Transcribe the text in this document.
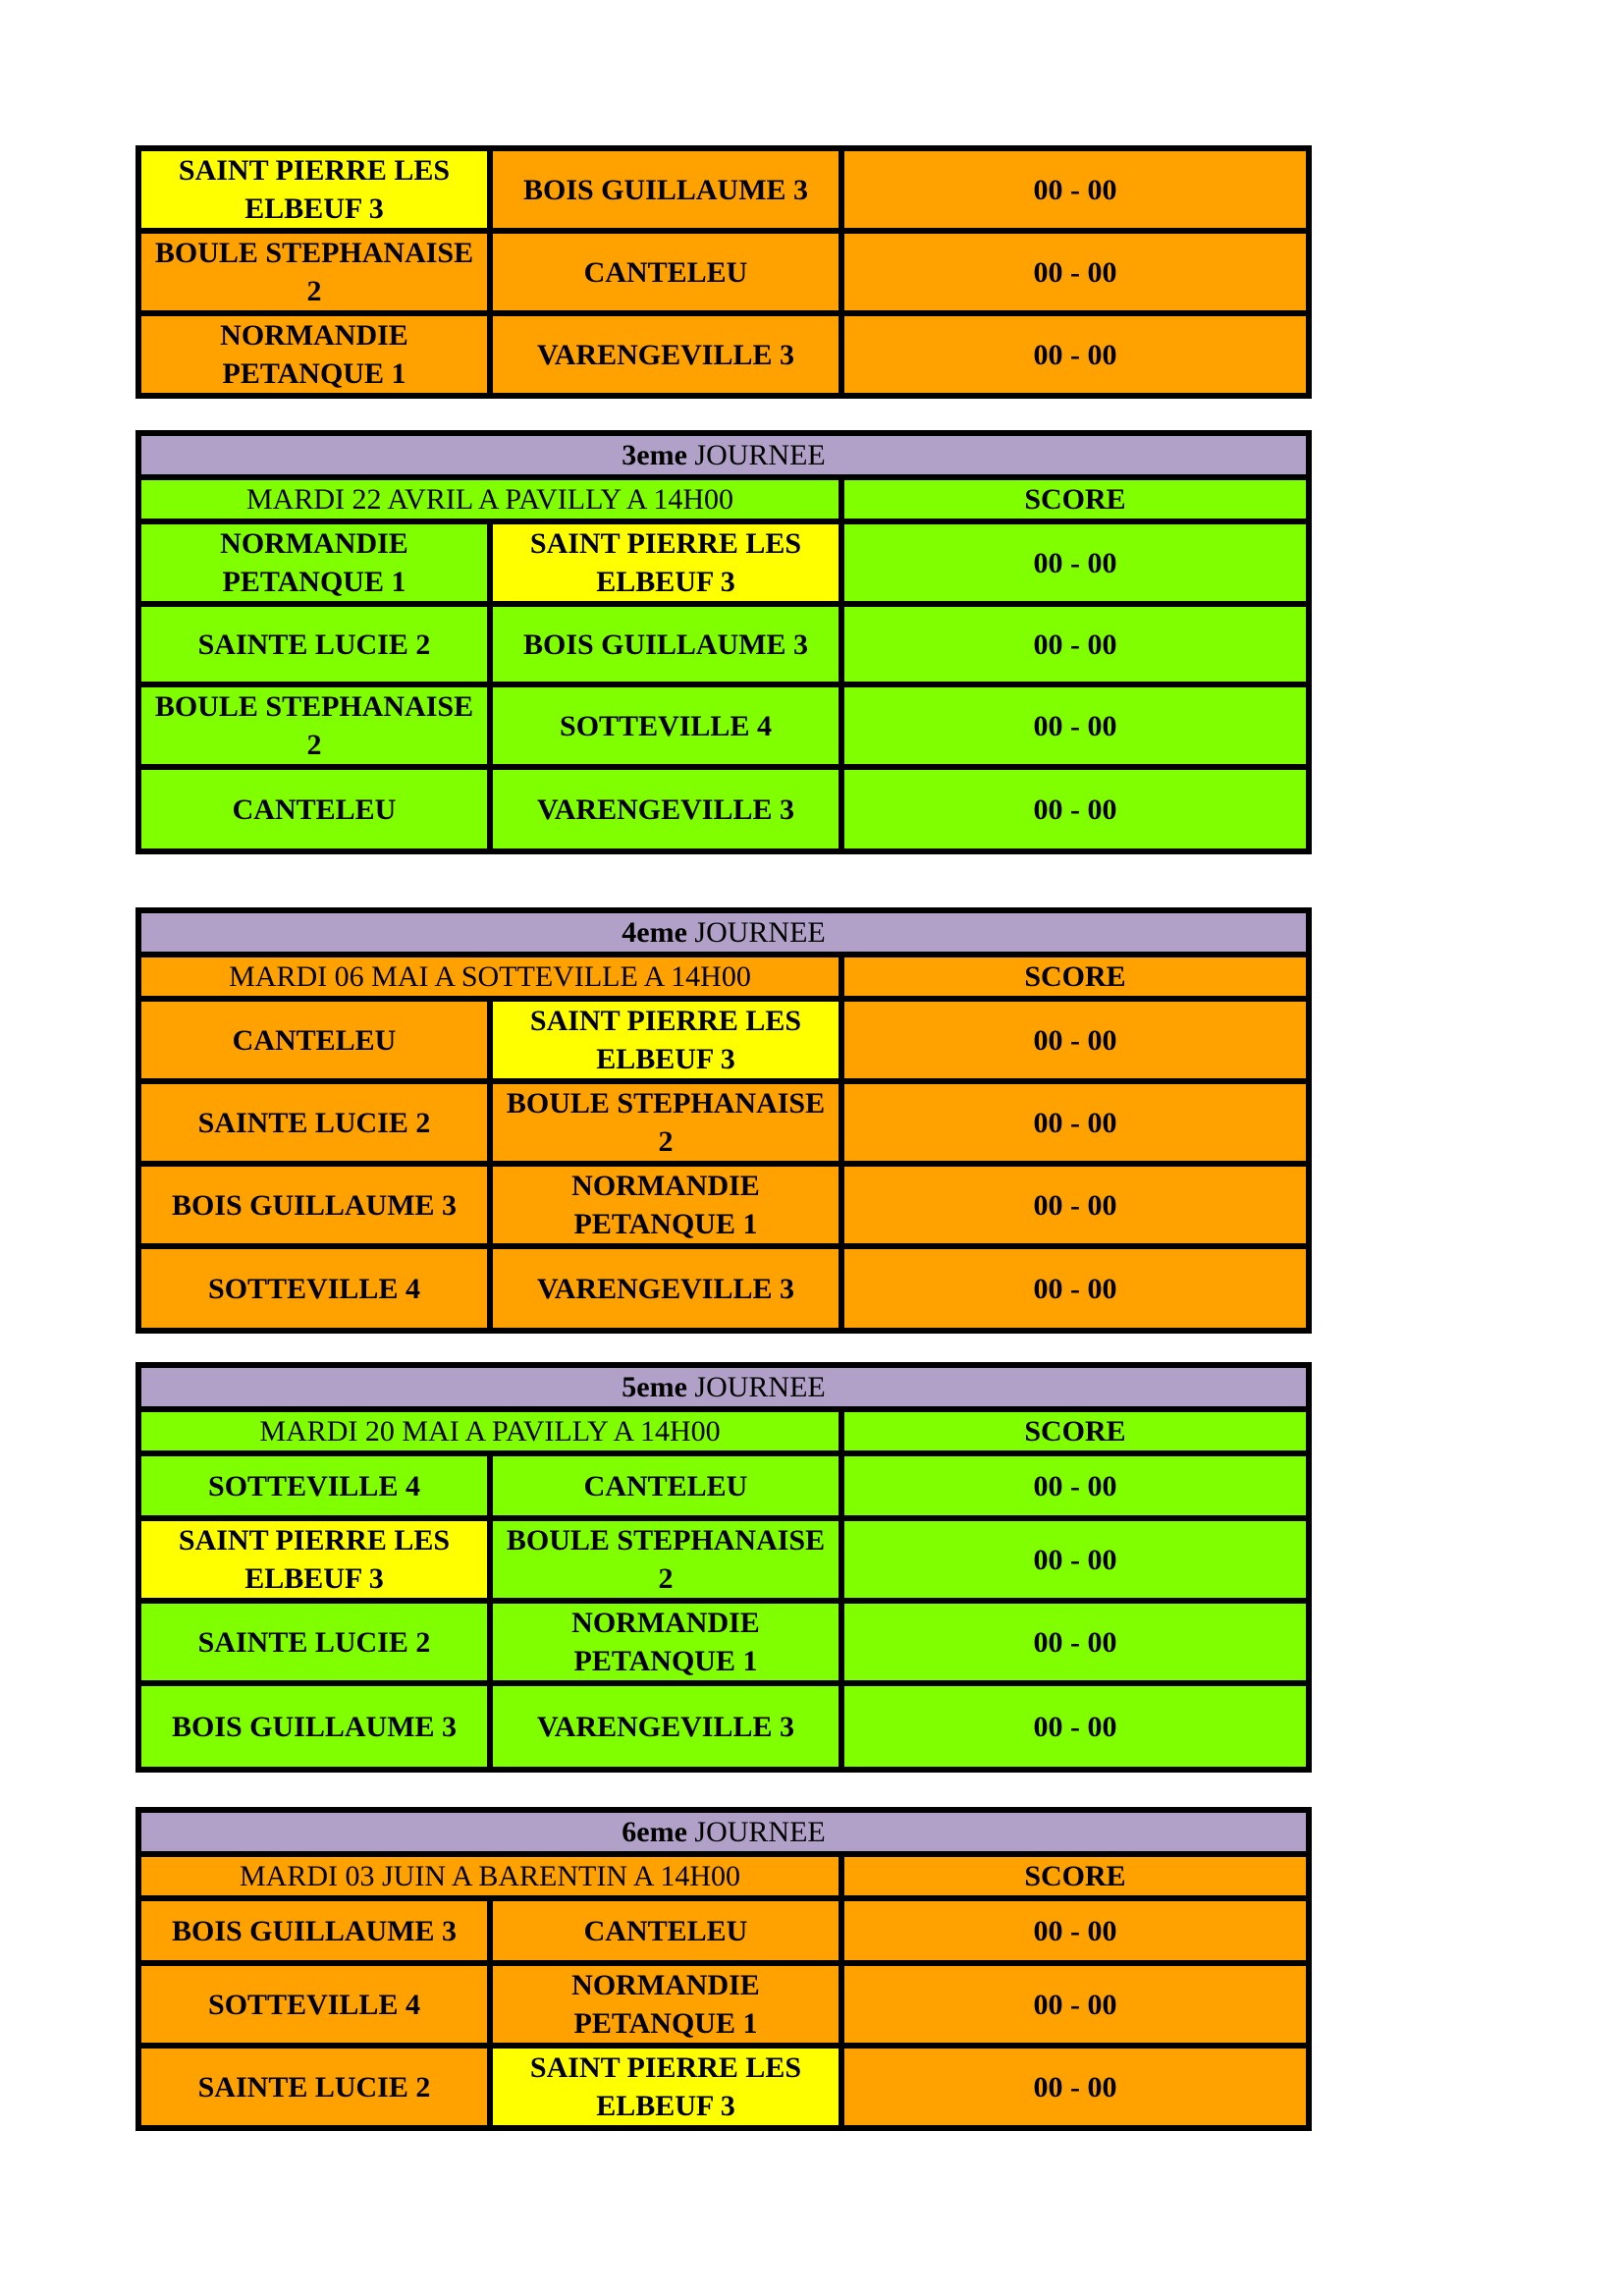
SAINT PIERRE LES ELBEUF 3	BOIS GUILLAUME 3	00 - 00
BOULE STEPHANAISE 2	CANTELEU	00 - 00
NORMANDIE PETANQUE 1	VARENGEVILLE 3	00 - 00
3eme JOURNEE		
MARDI 22 AVRIL A PAVILLY A 14H00		SCORE
NORMANDIE PETANQUE 1	SAINT PIERRE LES ELBEUF 3	00 - 00
SAINTE LUCIE 2	BOIS GUILLAUME 3	00 - 00
BOULE STEPHANAISE 2	SOTTEVILLE 4	00 - 00
CANTELEU	VARENGEVILLE 3	00 - 00
4eme JOURNEE		
MARDI 06 MAI A SOTTEVILLE A 14H00		SCORE
CANTELEU	SAINT PIERRE LES ELBEUF 3	00 - 00
SAINTE LUCIE 2	BOULE STEPHANAISE 2	00 - 00
BOIS GUILLAUME 3	NORMANDIE PETANQUE 1	00 - 00
SOTTEVILLE 4	VARENGEVILLE 3	00 - 00
5eme JOURNEE		
MARDI 20 MAI A PAVILLY A 14H00		SCORE
SOTTEVILLE 4	CANTELEU	00 - 00
SAINT PIERRE LES ELBEUF 3	BOULE STEPHANAISE 2	00 - 00
SAINTE LUCIE 2	NORMANDIE PETANQUE 1	00 - 00
BOIS GUILLAUME 3	VARENGEVILLE 3	00 - 00
6eme JOURNEE		
MARDI 03 JUIN A BARENTIN A 14H00		SCORE
BOIS GUILLAUME 3	CANTELEU	00 - 00
SOTTEVILLE 4	NORMANDIE PETANQUE 1	00 - 00
SAINTE LUCIE 2	SAINT PIERRE LES ELBEUF 3	00 - 00
